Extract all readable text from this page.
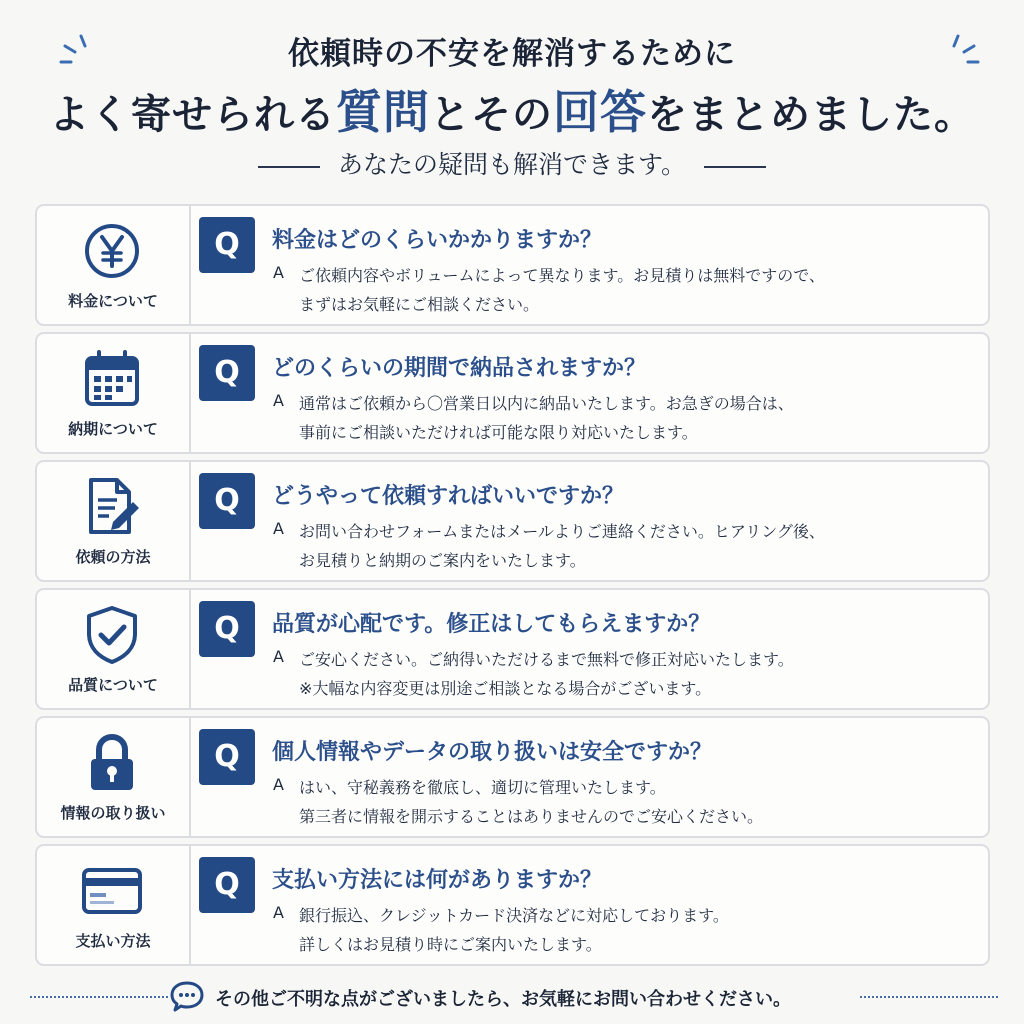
依頼時の不安を解消するために
よく寄せられる質問とその回答をまとめました。
あなたの疑問も解消できます。
料金について
Q	料金はどのくらいかかりますか？
A ご依頼内容やボリュームによって異なります。お見積りは無料ですので、
まずはお気軽にご相談ください。
納期について
Q	どのくらいの期間で納品されますか？
A 通常はご依頼から〇営業日以内に納品いたします。お急ぎの場合は、
事前にご相談いただければ可能な限り対応いたします。
依頼の方法
Q	どうやって依頼すればいいですか？
A お問い合わせフォームまたはメールよりご連絡ください。ヒアリング後、
お見積りと納期のご案内をいたします。
品質について
Q	品質が心配です。修正はしてもらえますか？
A ご安心ください。ご納得いただけるまで無料で修正対応いたします。
※大幅な内容変更は別途ご相談となる場合がございます。
情報の取り扱い
Q	個人情報やデータの取り扱いは安全ですか？
A はい、守秘義務を徹底し、適切に管理いたします。
第三者に情報を開示することはありませんのでご安心ください。
支払い方法
Q	支払い方法には何がありますか？
A 銀行振込、クレジットカード決済などに対応しております。
詳しくはお見積り時にご案内いたします。
その他ご不明な点がございましたら、お気軽にお問い合わせください。
